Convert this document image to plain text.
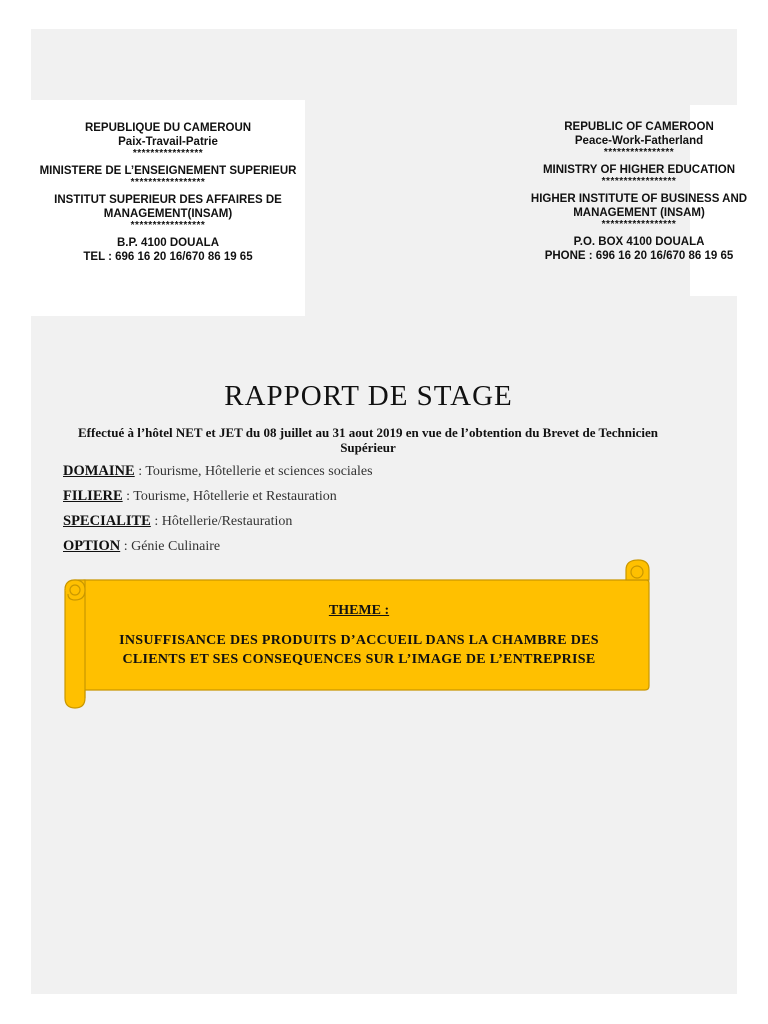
REPUBLIQUE DU CAMEROUN
Paix-Travail-Patrie
****************
MINISTERE DE L’ENSEIGNEMENT SUPERIEUR
*****************
INSTITUT SUPERIEUR DES AFFAIRES DE MANAGEMENT(INSAM)
*****************
B.P. 4100 DOUALA
TEL : 696 16 20 16/670 86 19 65
REPUBLIC OF CAMEROON
Peace-Work-Fatherland
****************
MINISTRY OF HIGHER EDUCATION
*****************
HIGHER INSTITUTE OF BUSINESS AND MANAGEMENT (INSAM)
*****************
P.O. BOX 4100 DOUALA
PHONE : 696 16 20 16/670 86 19 65
RAPPORT DE STAGE
Effectué à l’hôtel NET et JET du 08 juillet au 31 aout 2019 en vue de l’obtention du Brevet de Technicien Supérieur
DOMAINE : Tourisme, Hôtellerie et sciences sociales
FILIERE : Tourisme, Hôtellerie et Restauration
SPECIALITE : Hôtellerie/Restauration
OPTION : Génie Culinaire
THEME :
INSUFFISANCE DES PRODUITS D’ACCUEIL DANS LA CHAMBRE DES CLIENTS ET SES CONSEQUENCES SUR L’IMAGE DE L’ENTREPRISE
